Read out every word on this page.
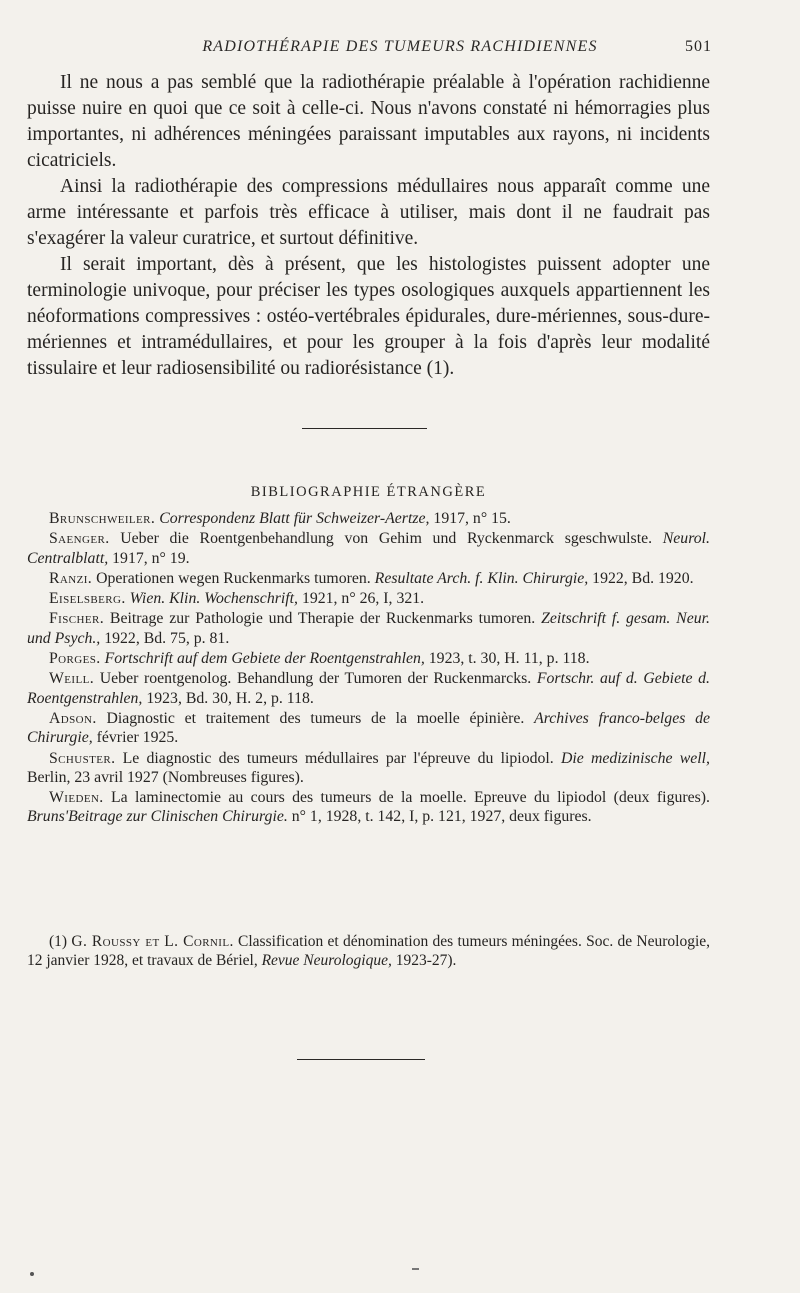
RADIOTHÉRAPIE DES TUMEURS RACHIDIENNES	501

Il ne nous a pas semblé que la radiothérapie préalable à l'opération rachidienne puisse nuire en quoi que ce soit à celle-ci. Nous n'avons constaté ni hémorragies plus importantes, ni adhérences méningées paraissant imputables aux rayons, ni incidents cicatriciels.

Ainsi la radiothérapie des compressions médullaires nous apparaît comme une arme intéressante et parfois très efficace à utiliser, mais dont il ne faudrait pas s'exagérer la valeur curatrice, et surtout définitive.

Il serait important, dès à présent, que les histologistes puissent adopter une terminologie univoque, pour préciser les types osologiques auxquels appartiennent les néoformations compressives : ostéo-vertébrales épidurales, dure-mériennes, sous-dure-mériennes et intramédullaires, et pour les grouper à la fois d'après leur modalité tissulaire et leur radiosensibilité ou radiorésistance (1).

BIBLIOGRAPHIE ÉTRANGÈRE

Brunschweiler. Correspondenz Blatt für Schweizer-Aertze, 1917, n° 15.

Saenger. Ueber die Roentgenbehandlung von Gehim und Ryckenmarck sgeschwulste. Neurol. Centralblatt, 1917, n° 19.

Ranzi. Operationen wegen Ruckenmarks tumoren. Resultate Arch. f. Klin. Chirurgie, 1922, Bd. 1920.

Eiselsberg. Wien. Klin. Wochenschrift, 1921, n° 26, I, 321.

Fischer. Beitrage zur Pathologie und Therapie der Ruckenmarks tumoren. Zeitschrift f. gesam. Neur. und Psych., 1922, Bd. 75, p. 81.

Porges. Fortschrift auf dem Gebiete der Roentgenstrahlen, 1923, t. 30, H. 11, p. 118.

Weill. Ueber roentgenolog. Behandlung der Tumoren der Ruckenmarcks. Fortschr. auf d. Gebiete d. Roentgenstrahlen, 1923, Bd. 30, H. 2, p. 118.

Adson. Diagnostic et traitement des tumeurs de la moelle épinière. Archives franco-belges de Chirurgie, février 1925.

Schuster. Le diagnostic des tumeurs médullaires par l'épreuve du lipiodol. Die medizinische well, Berlin, 23 avril 1927 (Nombreuses figures).

Wieden. La laminectomie au cours des tumeurs de la moelle. Epreuve du lipiodol (deux figures). Bruns'Beitrage zur Clinischen Chirurgie. n° 1, 1928, t. 142, I, p. 121, 1927, deux figures.

(1) G. Roussy et L. Cornil. Classification et dénomination des tumeurs méningées. Soc. de Neurologie, 12 janvier 1928, et travaux de Bériel, Revue Neurologique, 1923-27).
